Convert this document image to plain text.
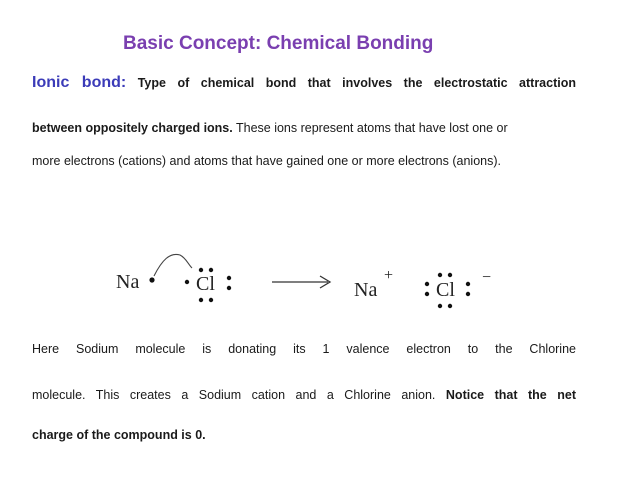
Basic Concept: Chemical Bonding
Ionic bond: Type of chemical bond that involves the electrostatic attraction
between oppositely charged ions. These ions represent atoms that have lost one or
more electrons (cations) and atoms that have gained one or more electrons (anions).
Na	Cl	Na
+
Cl
−
Here Sodium molecule is donating its 1 valence electron to the Chlorine
molecule. This creates a Sodium cation and a Chlorine anion. Notice that the net
charge of the compound is 0.
